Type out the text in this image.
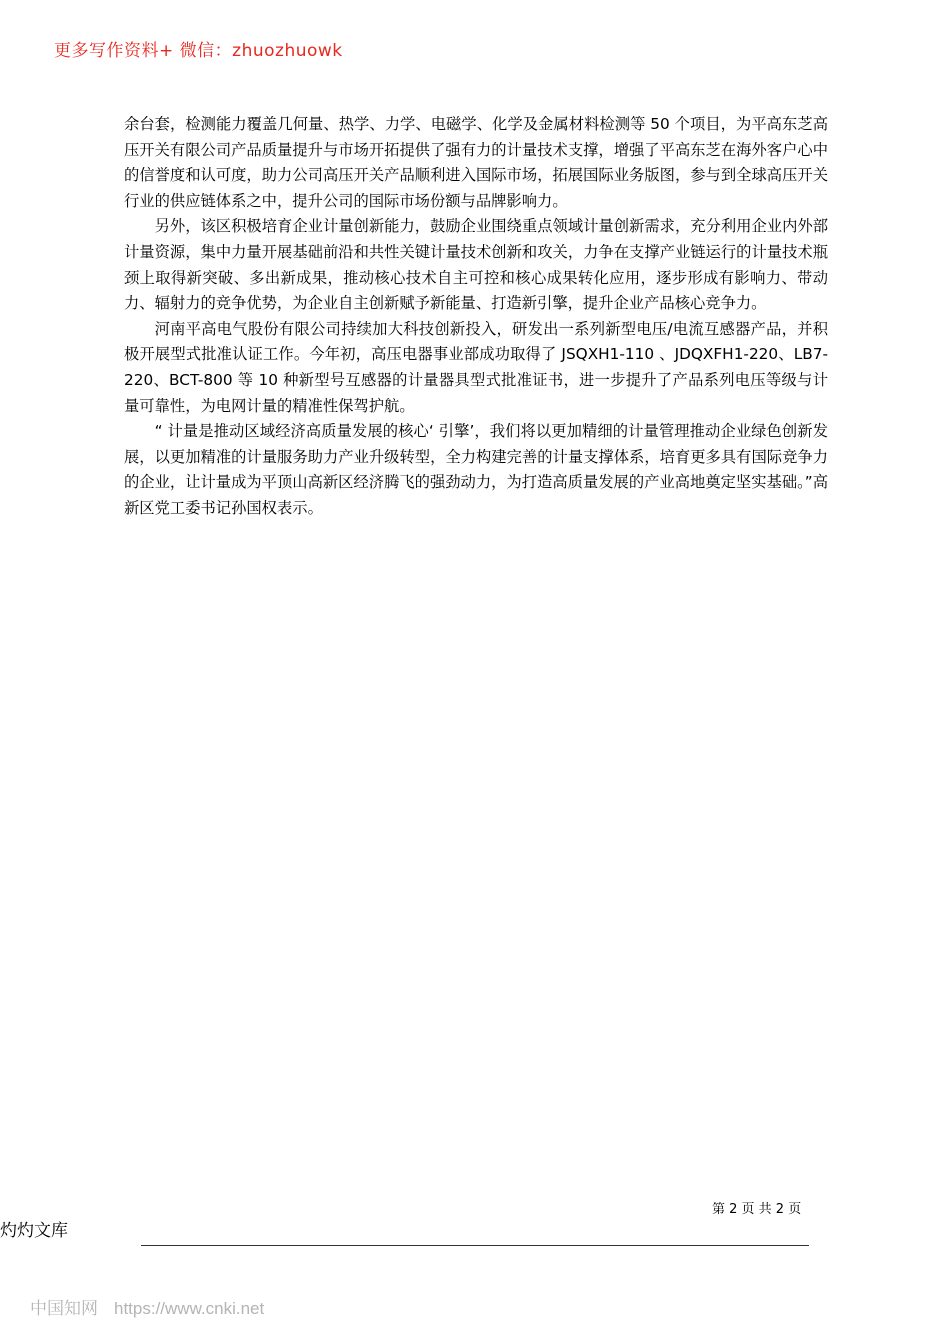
更多写作资料+ 微信：zhuozhuowk

余台套，检测能力覆盖几何量、热学、力学、电磁学、化学及金属材料检测等 50 个项目，为平高东芝高压开关有限公司产品质量提升与市场开拓提供了强有力的计量技术支撑，增强了平高东芝在海外客户心中的信誉度和认可度，助力公司高压开关产品顺利进入国际市场，拓展国际业务版图，参与到全球高压开关行业的供应链体系之中，提升公司的国际市场份额与品牌影响力。

另外，该区积极培育企业计量创新能力，鼓励企业围绕重点领域计量创新需求，充分利用企业内外部计量资源，集中力量开展基础前沿和共性关键计量技术创新和攻关，力争在支撑产业链运行的计量技术瓶颈上取得新突破、多出新成果，推动核心技术自主可控和核心成果转化应用，逐步形成有影响力、带动力、辐射力的竞争优势，为企业自主创新赋予新能量、打造新引擎，提升企业产品核心竞争力。

河南平高电气股份有限公司持续加大科技创新投入，研发出一系列新型电压/电流互感器产品，并积极开展型式批准认证工作。今年初，高压电器事业部成功取得了 JSQXH1-110 、JDQXFH1-220、LB7-220、BCT-800 等 10 种新型号互感器的计量器具型式批准证书，进一步提升了产品系列电压等级与计量可靠性，为电网计量的精准性保驾护航。

“ 计量是推动区域经济高质量发展的核心‘ 引擎’，我们将以更加精细的计量管理推动企业绿色创新发展，以更加精准的计量服务助力产业升级转型，全力构建完善的计量支撑体系，培育更多具有国际竞争力的企业，让计量成为平顶山高新区经济腾飞的强劲动力，为打造高质量发展的产业高地奠定坚实基础。”高新区党工委书记孙国权表示。

第 2 页 共 2 页
灼灼文库
中国知网 https://www.cnki.net
